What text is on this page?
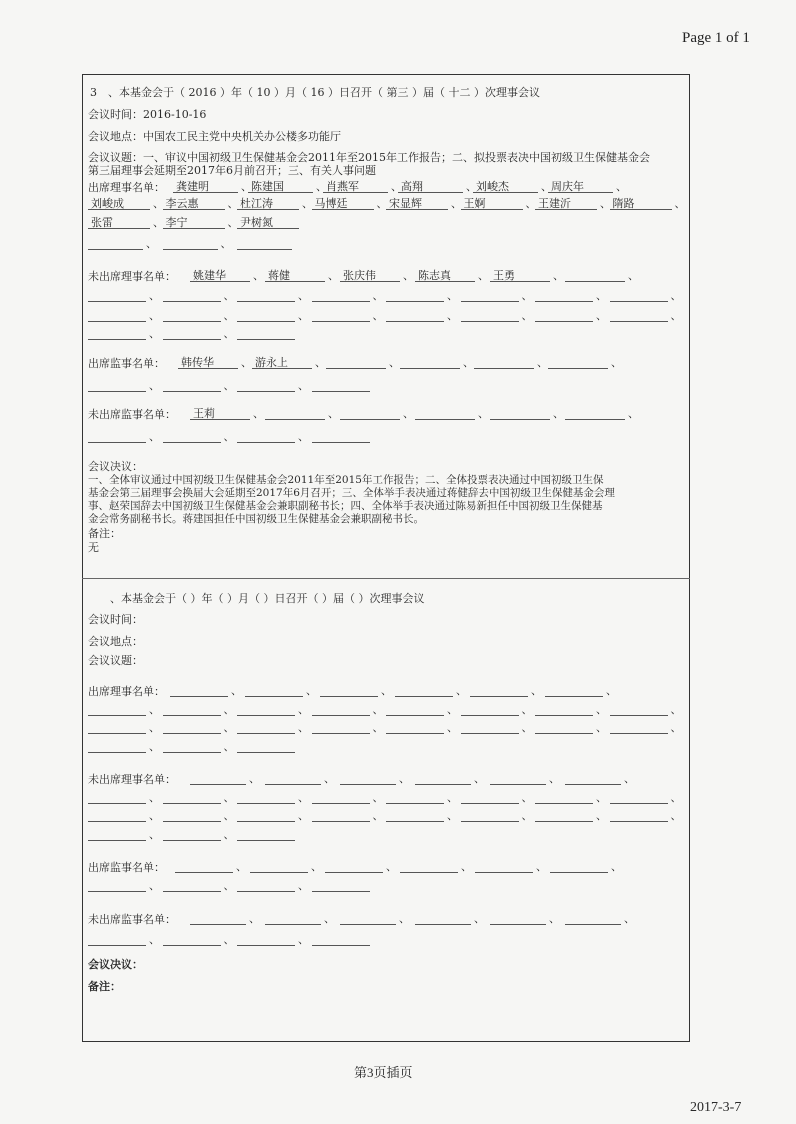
Page 1 of 1
3　、本基金会于（ 2016 ）年（ 10 ）月（ 16 ）日召开（ 第三 ）届（ 十二 ）次理事会议
会议时间：2016-10-16
会议地点：中国农工民主党中央机关办公楼多功能厅
会议议题：一、审议中国初级卫生保健基金会2011年至2015年工作报告；二、拟投票表决中国初级卫生保健基金会
第三届理事会延期至2017年6月前召开；三、有关人事问题
出席理事名单： 龚建明	、 陈建国	、 肖燕军	、 高翔	、 刘峻杰	、 周庆年	、
刘峻成	、 李云惠	、 杜江涛	、 马博廷	、 宋显辉	、 王婀	、 王建沂	、 隋路	、
张雷	、 李宁	、 尹树氮
、	、
未出席理事名单： 姚建华	、 蒋健	、 张庆伟	、 陈志真	、 王勇	、	、
、	、	、	、	、	、	、	、
、	、	、	、	、	、	、	、
、	、
出席监事名单： 韩传华	、 游永上	、	、	、	、	、
、	、	、
未出席监事名单： 王莉	、	、	、	、	、	、
、	、	、
会议决议：
一、全体审议通过中国初级卫生保健基金会2011年至2015年工作报告；二、全体投票表决通过中国初级卫生保
基金会第三届理事会换届大会延期至2017年6月召开；三、全体举手表决通过蒋健辞去中国初级卫生保健基金会理
事、赵荣国辞去中国初级卫生保健基金会兼职副秘书长；四、全体举手表决通过陈易新担任中国初级卫生保健基
金会常务副秘书长。蒋建国担任中国初级卫生保健基金会兼职副秘书长。
备注：
无
、本基金会于（ ）年（ ）月（ ）日召开（ ）届（ ）次理事会议
会议时间：
会议地点：
会议议题：
出席理事名单：	、	、	、	、	、	、
、	、	、	、	、	、	、	、
、	、	、	、	、	、	、	、
、	、
未出席理事名单：	、	、	、	、	、	、
、	、	、	、	、	、	、	、
、	、	、	、	、	、	、	、
、	、
出席监事名单：	、	、	、	、	、	、
、	、	、
未出席监事名单：	、	、	、	、	、	、
、	、	、
会议决议：
备注：
第3页插页
2017-3-7
